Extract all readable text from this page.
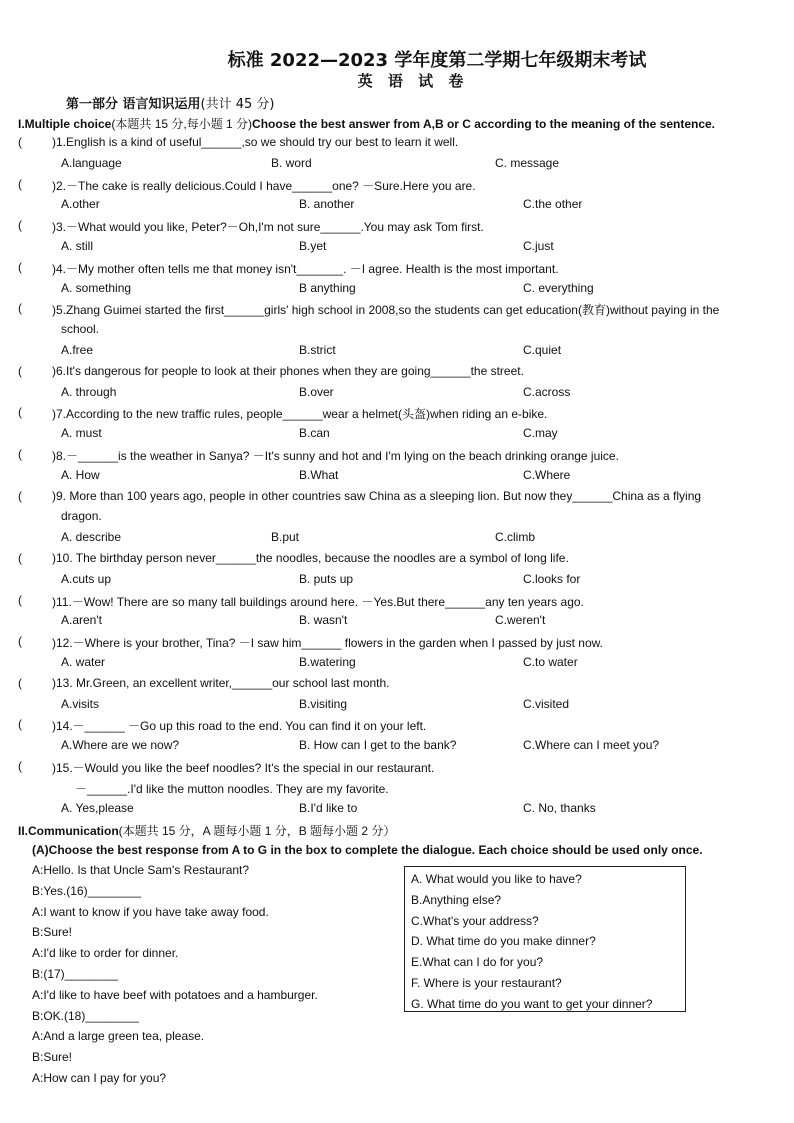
标准 2022—2023 学年度第二学期七年级期末考试
英 语 试 卷
第一部分 语言知识运用(共计 45 分)
I.Multiple choice(本题共 15 分,每小题 1 分)Choose the best answer from A,B or C according to the meaning of the sentence.
(	)1.English is a kind of useful______,so we should try our best to learn it well.
A.language	B. word	C. message
(	)2.－The cake is really delicious.Could I have______one? －Sure.Here you are.
A.other	B. another	C.the other
(	)3.－What would you like, Peter?－Oh,I'm not sure______.You may ask Tom first.
A. still	B.yet	C.just
(	)4.－My mother often tells me that money isn't_______. －I agree. Health is the most important.
A. something	B anything	C. everything
(	)5.Zhang Guimei started the first______girls' high school in 2008,so the students can get education(教育)without paying in the
school.
A.free	B.strict	C.quiet
(	)6.It's dangerous for people to look at their phones when they are going______the street.
A. through	B.over	C.across
(	)7.According to the new traffic rules, people______wear a helmet(头盔)when riding an e-bike.
A. must	B.can	C.may
(	)8.－______is the weather in Sanya? －It's sunny and hot and I'm lying on the beach drinking orange juice.
A. How	B.What	C.Where
(	)9. More than 100 years ago, people in other countries saw China as a sleeping lion. But now they______China as a flying
dragon.
A. describe	B.put	C.climb
(	)10. The birthday person never______the noodles, because the noodles are a symbol of long life.
A.cuts up	B. puts up	C.looks for
(	)11.－Wow! There are so many tall buildings around here. －Yes.But there______any ten years ago.
A.aren't	B. wasn't	C.weren't
(	)12.－Where is your brother, Tina? －I saw him______ flowers in the garden when I passed by just now.
A. water	B.watering	C.to water
(	)13. Mr.Green, an excellent writer,______our school last month.
A.visits	B.visiting	C.visited
(	)14.－______ －Go up this road to the end. You can find it on your left.
A.Where are we now?	B. How can I get to the bank?	C.Where can I meet you?
(	)15.－Would you like the beef noodles? It's the special in our restaurant.
－______.I'd like the mutton noodles. They are my favorite.
A. Yes,please	B.I'd like to	C. No, thanks
II.Communication(本题共 15 分，A 题每小题 1 分，B 题每小题 2 分）
(A)Choose the best response from A to G in the box to complete the dialogue. Each choice should be used only once.
A:Hello. Is that Uncle Sam's Restaurant?
B:Yes.(16)________
A:I want to know if you have take away food.
B:Sure!
A:I'd like to order for dinner.
B:(17)________
A:I'd like to have beef with potatoes and a hamburger.
B:OK.(18)________
A:And a large green tea, please.
B:Sure!
A:How can I pay for you?
A. What would you like to have?
B.Anything else?
C.What's your address?
D. What time do you make dinner?
E.What can I do for you?
F. Where is your restaurant?
G. What time do you want to get your dinner?
